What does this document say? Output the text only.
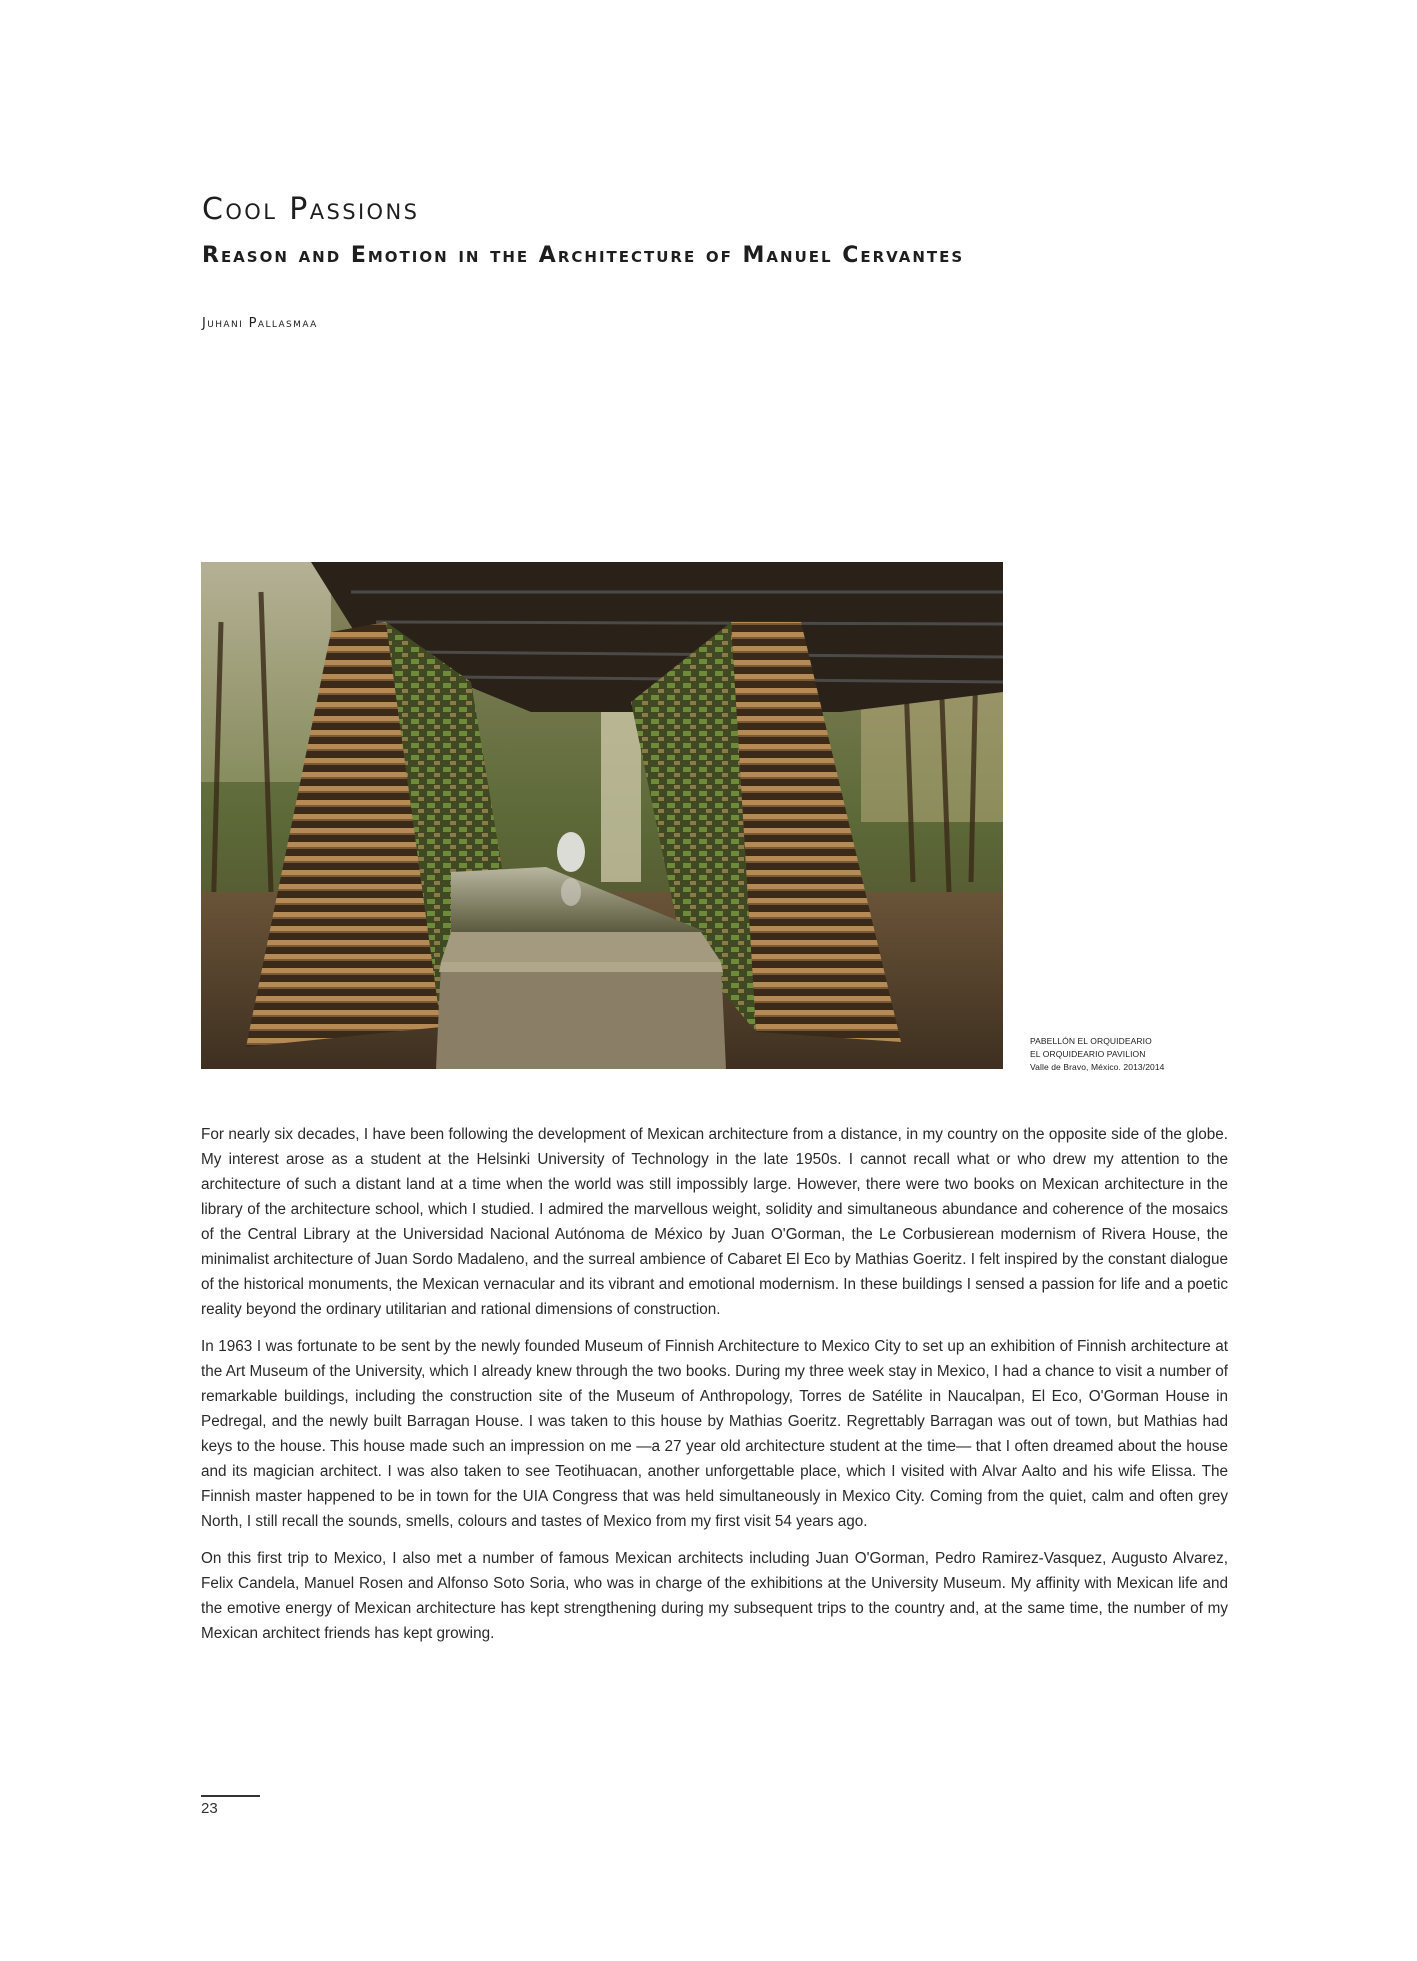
Cool Passions
Reason and Emotion in the Architecture of Manuel Cervantes
Juhani Pallasmaa
PABELLÓN EL ORQUIDEARIO
EL ORQUIDEARIO PAVILION
Valle de Bravo, México. 2013/2014

For nearly six decades, I have been following the development of Mexican architecture from a distance, in my country on the opposite side of the globe. My interest arose as a student at the Helsinki University of Technology in the late 1950s. I cannot recall what or who drew my attention to the architecture of such a distant land at a time when the world was still impossibly large. However, there were two books on Mexican architecture in the library of the architecture school, which I studied. I admired the marvellous weight, solidity and simultaneous abundance and coherence of the mosaics of the Central Library at the Universidad Nacional Autónoma de México by Juan O'Gorman, the Le Corbusierean modernism of Rivera House, the minimalist architecture of Juan Sordo Madaleno, and the surreal ambience of Cabaret El Eco by Mathias Goeritz. I felt inspired by the constant dialogue of the historical monuments, the Mexican vernacular and its vibrant and emotional modernism. In these buildings I sensed a passion for life and a poetic reality beyond the ordinary utilitarian and rational dimensions of construction.

In 1963 I was fortunate to be sent by the newly founded Museum of Finnish Architecture to Mexico City to set up an exhibition of Finnish architecture at the Art Museum of the University, which I already knew through the two books. During my three week stay in Mexico, I had a chance to visit a number of remarkable buildings, including the construction site of the Museum of Anthropology, Torres de Satélite in Naucalpan, El Eco, O'Gorman House in Pedregal, and the newly built Barragan House. I was taken to this house by Mathias Goeritz. Regrettably Barragan was out of town, but Mathias had keys to the house. This house made such an impression on me —a 27 year old architecture student at the time— that I often dreamed about the house and its magician architect. I was also taken to see Teotihuacan, another unforgettable place, which I visited with Alvar Aalto and his wife Elissa. The Finnish master happened to be in town for the UIA Congress that was held simultaneously in Mexico City. Coming from the quiet, calm and often grey North, I still recall the sounds, smells, colours and tastes of Mexico from my first visit 54 years ago.

On this first trip to Mexico, I also met a number of famous Mexican architects including Juan O'Gorman, Pedro Ramirez-Vasquez, Augusto Alvarez, Felix Candela, Manuel Rosen and Alfonso Soto Soria, who was in charge of the exhibitions at the University Museum. My affinity with Mexican life and the emotive energy of Mexican architecture has kept strengthening during my subsequent trips to the country and, at the same time, the number of my Mexican architect friends has kept growing.

23
